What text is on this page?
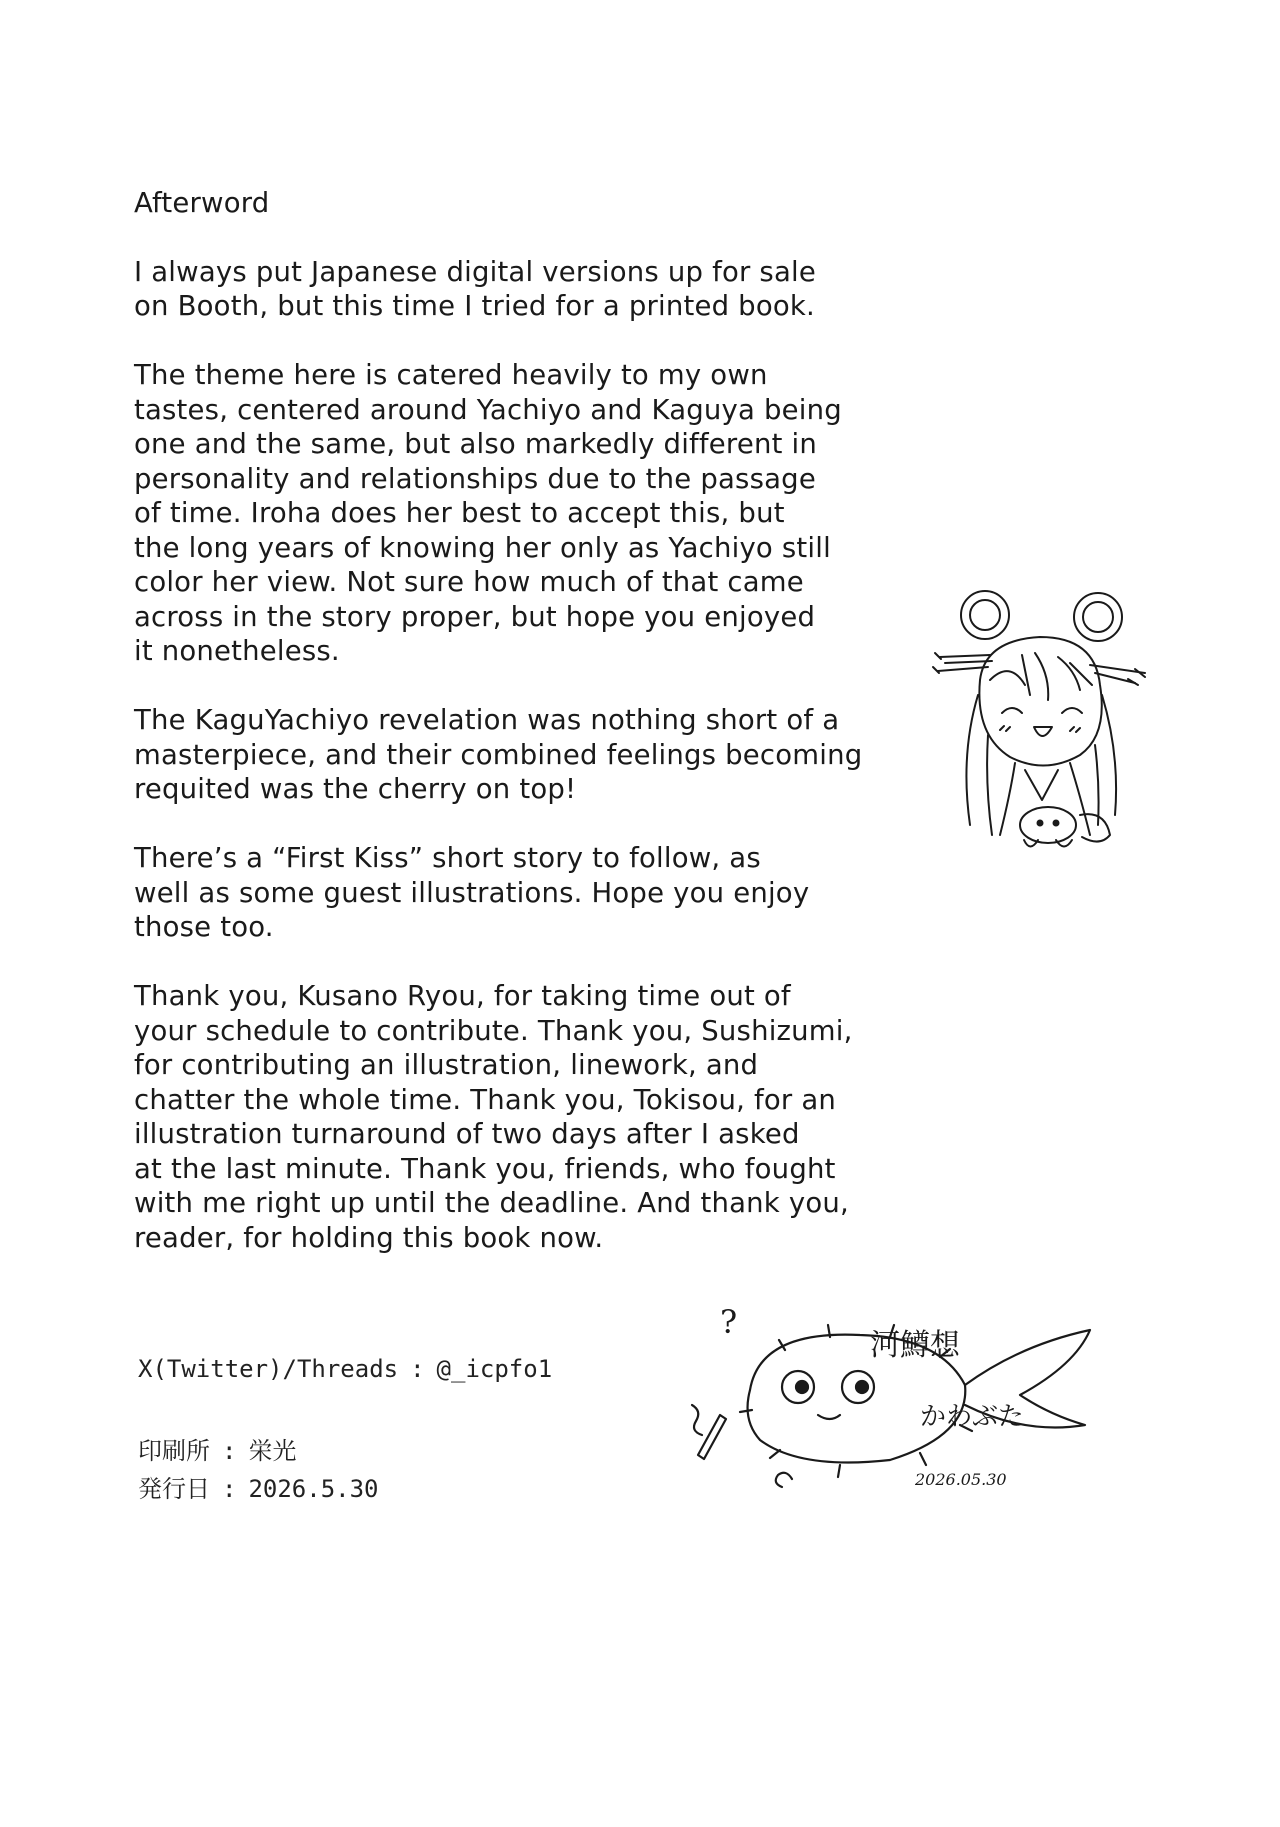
Afterword

I always put Japanese digital versions up for sale
on Booth, but this time I tried for a printed book.

The theme here is catered heavily to my own
tastes, centered around Yachiyo and Kaguya being
one and the same, but also markedly different in
personality and relationships due to the passage
of time. Iroha does her best to accept this, but
the long years of knowing her only as Yachiyo still
color her view. Not sure how much of that came
across in the story proper, but hope you enjoyed
it nonetheless.

The KaguYachiyo revelation was nothing short of a
masterpiece, and their combined feelings becoming
requited was the cherry on top!

There’s a “First Kiss” short story to follow, as
well as some guest illustrations. Hope you enjoy
those too.

Thank you, Kusano Ryou, for taking time out of
your schedule to contribute. Thank you, Sushizumi,
for contributing an illustration, linework, and
chatter the whole time. Thank you, Tokisou, for an
illustration turnaround of two days after I asked
at the last minute. Thank you, friends, who fought
with me right up until the deadline. And thank you,
reader, for holding this book now.

?
河鱒想
かわぶた
2026.05.30
X(Twitter)/Threads : @_icpfo1
印刷所 : 栄光
発行日 : 2026.5.30
